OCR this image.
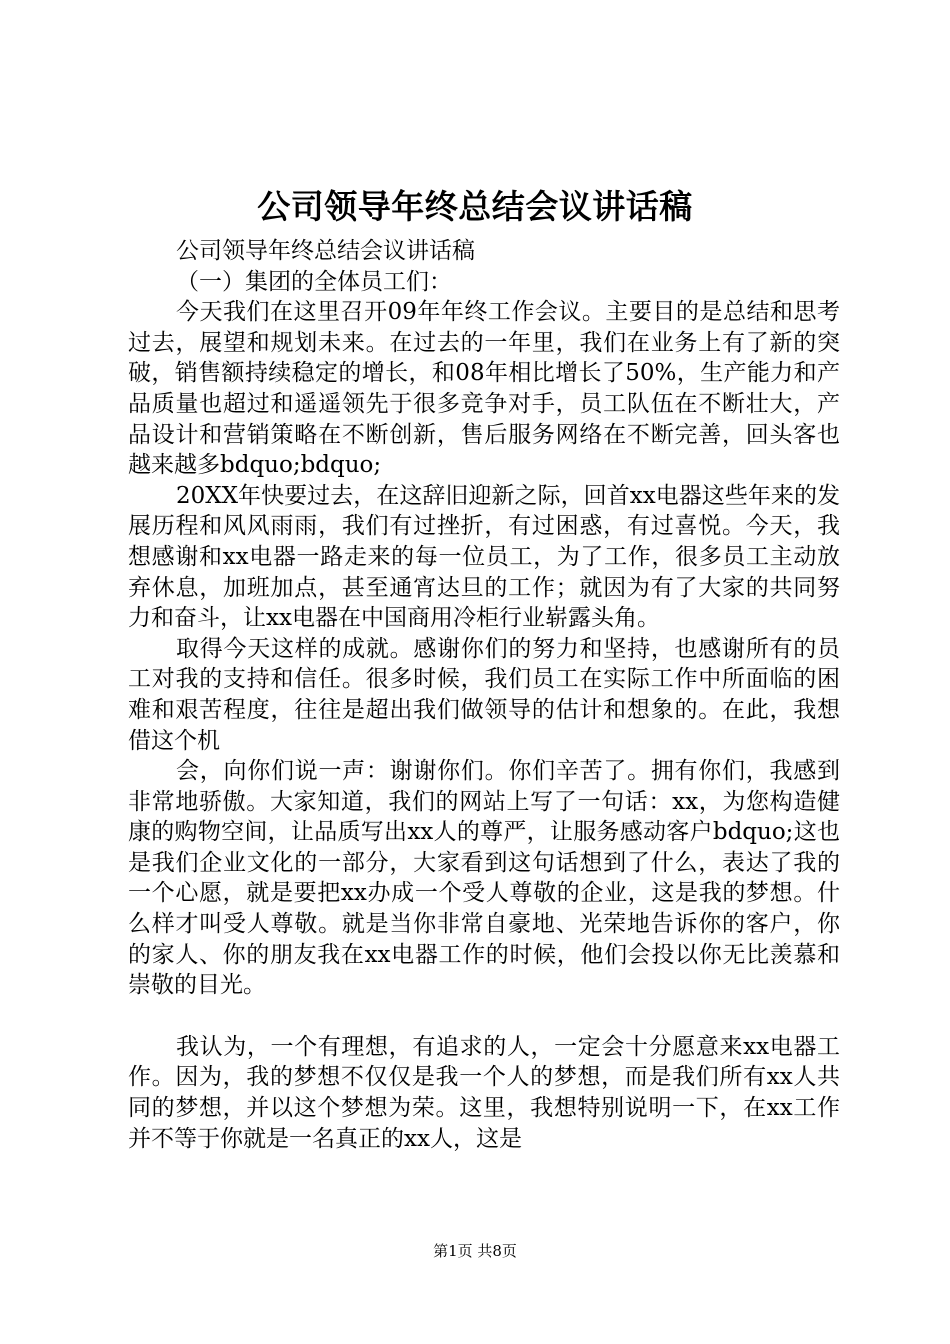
公司领导年终总结会议讲话稿

公司领导年终总结会议讲话稿

（一）集团的全体员工们：

今天我们在这里召开09年年终工作会议。主要目的是总结和思考过去，展望和规划未来。在过去的一年里，我们在业务上有了新的突破，销售额持续稳定的增长，和08年相比增长了50%，生产能力和产品质量也超过和遥遥领先于很多竞争对手，员工队伍在不断壮大，产品设计和营销策略在不断创新，售后服务网络在不断完善，回头客也越来越多bdquo;bdquo;

20XX年快要过去，在这辞旧迎新之际，回首xx电器这些年来的发展历程和风风雨雨，我们有过挫折，有过困惑，有过喜悦。今天，我想感谢和xx电器一路走来的每一位员工，为了工作，很多员工主动放弃休息，加班加点，甚至通宵达旦的工作；就因为有了大家的共同努力和奋斗，让xx电器在中国商用冷柜行业崭露头角。

取得今天这样的成就。感谢你们的努力和坚持，也感谢所有的员工对我的支持和信任。很多时候，我们员工在实际工作中所面临的困难和艰苦程度，往往是超出我们做领导的估计和想象的。在此，我想借这个机

会，向你们说一声：谢谢你们。你们辛苦了。拥有你们，我感到非常地骄傲。大家知道，我们的网站上写了一句话：xx，为您构造健康的购物空间，让品质写出xx人的尊严，让服务感动客户bdquo;这也是我们企业文化的一部分，大家看到这句话想到了什么，表达了我的一个心愿，就是要把xx办成一个受人尊敬的企业，这是我的梦想。什么样才叫受人尊敬。就是当你非常自豪地、光荣地告诉你的客户，你的家人、你的朋友我在xx电器工作的时候，他们会投以你无比羡慕和崇敬的目光。

我认为，一个有理想，有追求的人，一定会十分愿意来xx电器工作。因为，我的梦想不仅仅是我一个人的梦想，而是我们所有xx人共同的梦想，并以这个梦想为荣。这里，我想特别说明一下，在xx工作并不等于你就是一名真正的xx人，这是

第1页 共8页
